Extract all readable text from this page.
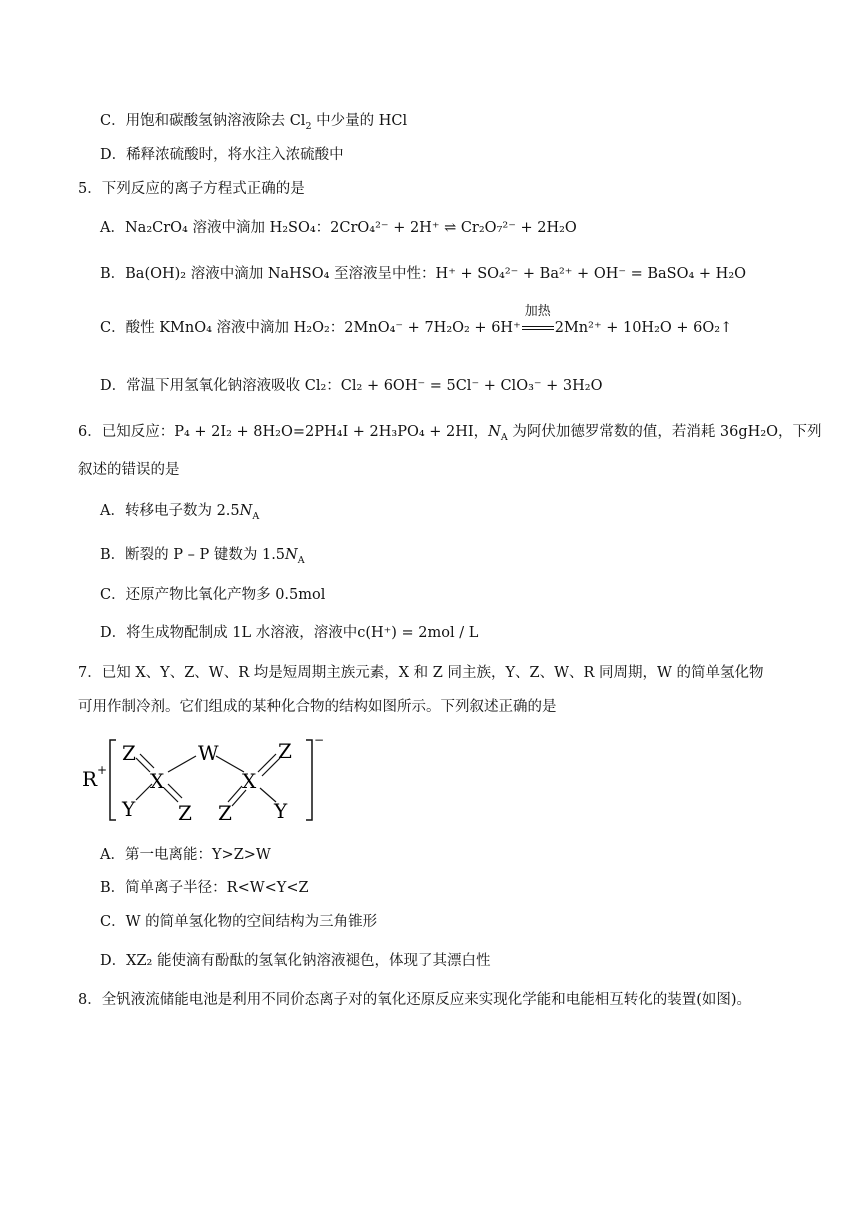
C．用饱和碳酸氢钠溶液除去 $Cl_2$ 中少量的 HCl
D．稀释浓硫酸时，将水注入浓硫酸中
5．下列反应的离子方程式正确的是
A．Na₂CrO₄ 溶液中滴加 H₂SO₄：2CrO₄²⁻ + 2H⁺ ⇌ Cr₂O₇²⁻ + 2H₂O
B．Ba(OH)₂ 溶液中滴加 NaHSO₄ 至溶液呈中性：H⁺ + SO₄²⁻ + Ba²⁺ + OH⁻ = BaSO₄ + H₂O
C．酸性 KMnO₄ 溶液中滴加 H₂O₂：2MnO₄⁻ + 7H₂O₂ + 6H⁺
加热
2Mn²⁺ + 10H₂O + 6O₂↑
D．常温下用氢氧化钠溶液吸收 Cl₂：Cl₂ + 6OH⁻ = 5Cl⁻ + ClO₃⁻ + 3H₂O
6．已知反应：P₄ + 2I₂ + 8H₂O=2PH₄I + 2H₃PO₄ + 2HI，$N_A$ 为阿伏加德罗常数的值，若消耗 36gH₂O，下列
叙述的错误的是
A．转移电子数为 $2.5N_A$
B．断裂的 P – P 键数为 $1.5N_A$
C．还原产物比氧化产物多 0.5mol
D．将生成物配制成 1L 水溶液，溶液中c(H⁺) = 2mol / L
7．已知 X、Y、Z、W、R 均是短周期主族元素，X 和 Z 同主族，Y、Z、W、R 同周期，W 的简单氢化物
可用作制冷剂。它们组成的某种化合物的结构如图所示。下列叙述正确的是
R +
−
Z
Y
X
W
Z
X
Z
Z Y
A．第一电离能：Y>Z>W
B．简单离子半径：R<W<Y<Z
C．W 的简单氢化物的空间结构为三角锥形
D．XZ₂ 能使滴有酚酞的氢氧化钠溶液褪色，体现了其漂白性
8．全钒液流储能电池是利用不同价态离子对的氧化还原反应来实现化学能和电能相互转化的装置(如图)。
